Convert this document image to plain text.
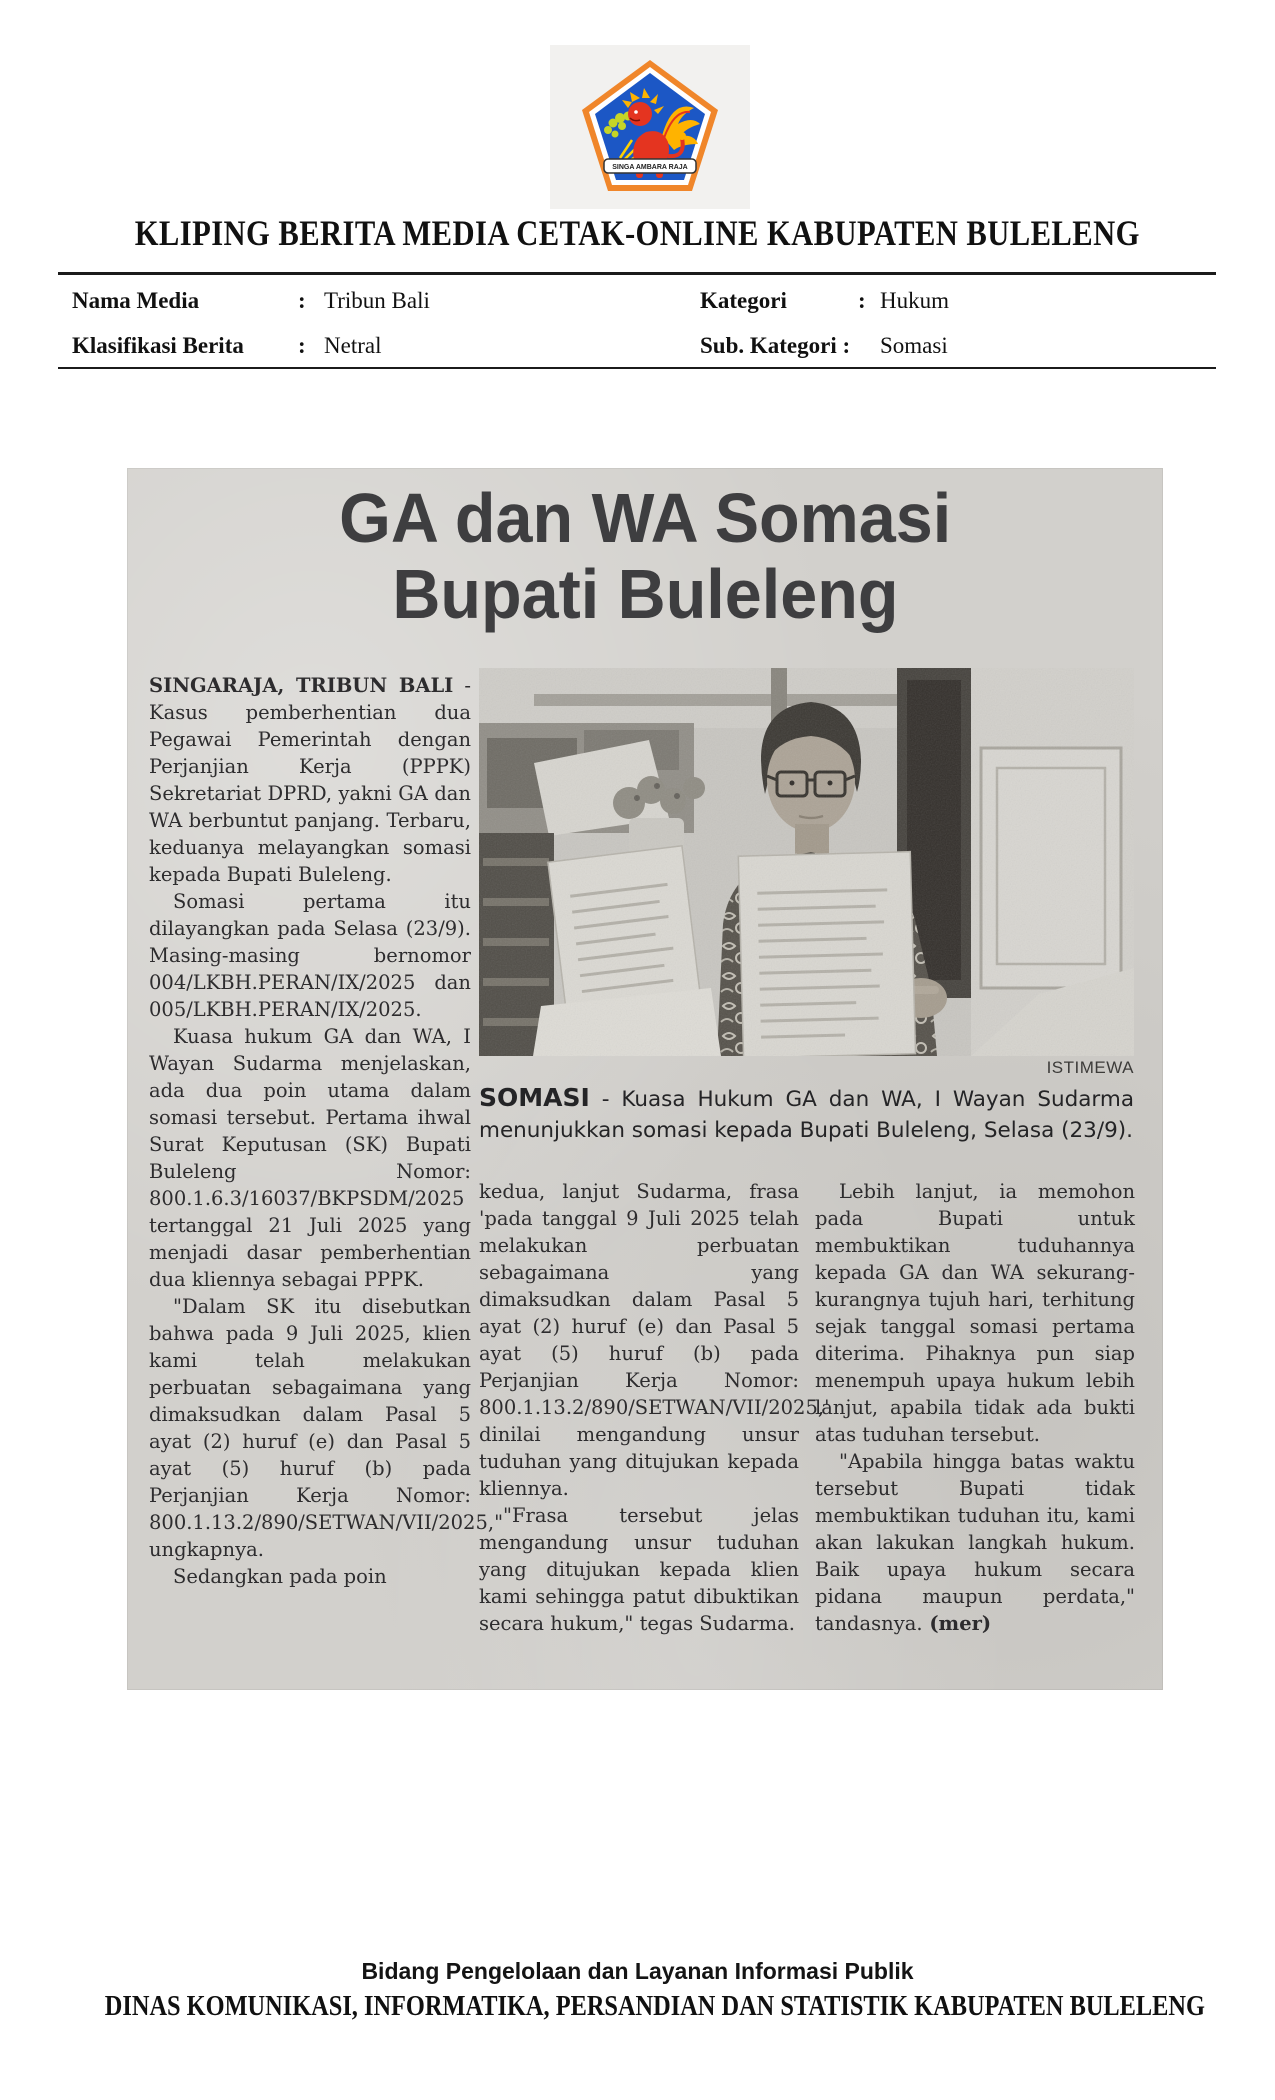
SINGA AMBARA RAJA
KLIPING BERITA MEDIA CETAK-ONLINE KABUPATEN BULELENG
Nama Media	: Tribun Bali	Kategori	: Hukum
Klasifikasi Berita : Netral	Sub. Kategori : Somasi
GA dan WA Somasi
Bupati Buleleng

SINGARAJA, TRIBUN BALI - Kasus pemberhentian dua Pegawai Pemerintah dengan Perjanjian Kerja (PPPK) Sekretariat DPRD, yakni GA dan WA berbuntut panjang. Terbaru, keduanya melayangkan somasi kepada Bupati Buleleng.

Somasi pertama itu dilayangkan pada Selasa (23/9). Masing-masing bernomor 004/LKBH.PERAN/IX/2025 dan 005/LKBH.PERAN/IX/2025.

Kuasa hukum GA dan WA, I Wayan Sudarma menjelaskan, ada dua poin utama dalam somasi tersebut. Pertama ihwal Surat Keputusan (SK) Bupati Buleleng Nomor: 800.1.6.3/16037/BKPSDM/2025 tertanggal 21 Juli 2025 yang menjadi dasar pemberhentian dua kliennya sebagai PPPK.

"Dalam SK itu disebutkan bahwa pada 9 Juli 2025, klien kami telah melakukan perbuatan sebagaimana yang dimaksudkan dalam Pasal 5 ayat (2) huruf (e) dan Pasal 5 ayat (5) huruf (b) pada Perjanjian Kerja Nomor: 800.1.13.2/890/SETWAN/VII/2025," ungkapnya.

Sedangkan pada poin

ISTIMEWA

SOMASI - Kuasa Hukum GA dan WA, I Wayan Sudarma menunjukkan somasi kepada Bupati Buleleng, Selasa (23/9).

kedua, lanjut Sudarma, frasa 'pada tanggal 9 Juli 2025 telah melakukan perbuatan sebagaimana yang dimaksudkan dalam Pasal 5 ayat (2) huruf (e) dan Pasal 5 ayat (5) huruf (b) pada Perjanjian Kerja Nomor: 800.1.13.2/890/SETWAN/VII/2025,' dinilai mengandung unsur tuduhan yang ditujukan kepada kliennya.

"Frasa tersebut jelas mengandung unsur tuduhan yang ditujukan kepada klien kami sehingga patut dibuktikan secara hukum," tegas Sudarma.

Lebih lanjut, ia memohon pada Bupati untuk membuktikan tuduhannya kepada GA dan WA sekurang-kurangnya tujuh hari, terhitung sejak tanggal somasi pertama diterima. Pihaknya pun siap menempuh upaya hukum lebih lanjut, apabila tidak ada bukti atas tuduhan tersebut.

"Apabila hingga batas waktu tersebut Bupati tidak membuktikan tuduhan itu, kami akan lakukan langkah hukum. Baik upaya hukum secara pidana maupun perdata," tandasnya. (mer)

Bidang Pengelolaan dan Layanan Informasi Publik
DINAS KOMUNIKASI, INFORMATIKA, PERSANDIAN DAN STATISTIK KABUPATEN BULELENG
